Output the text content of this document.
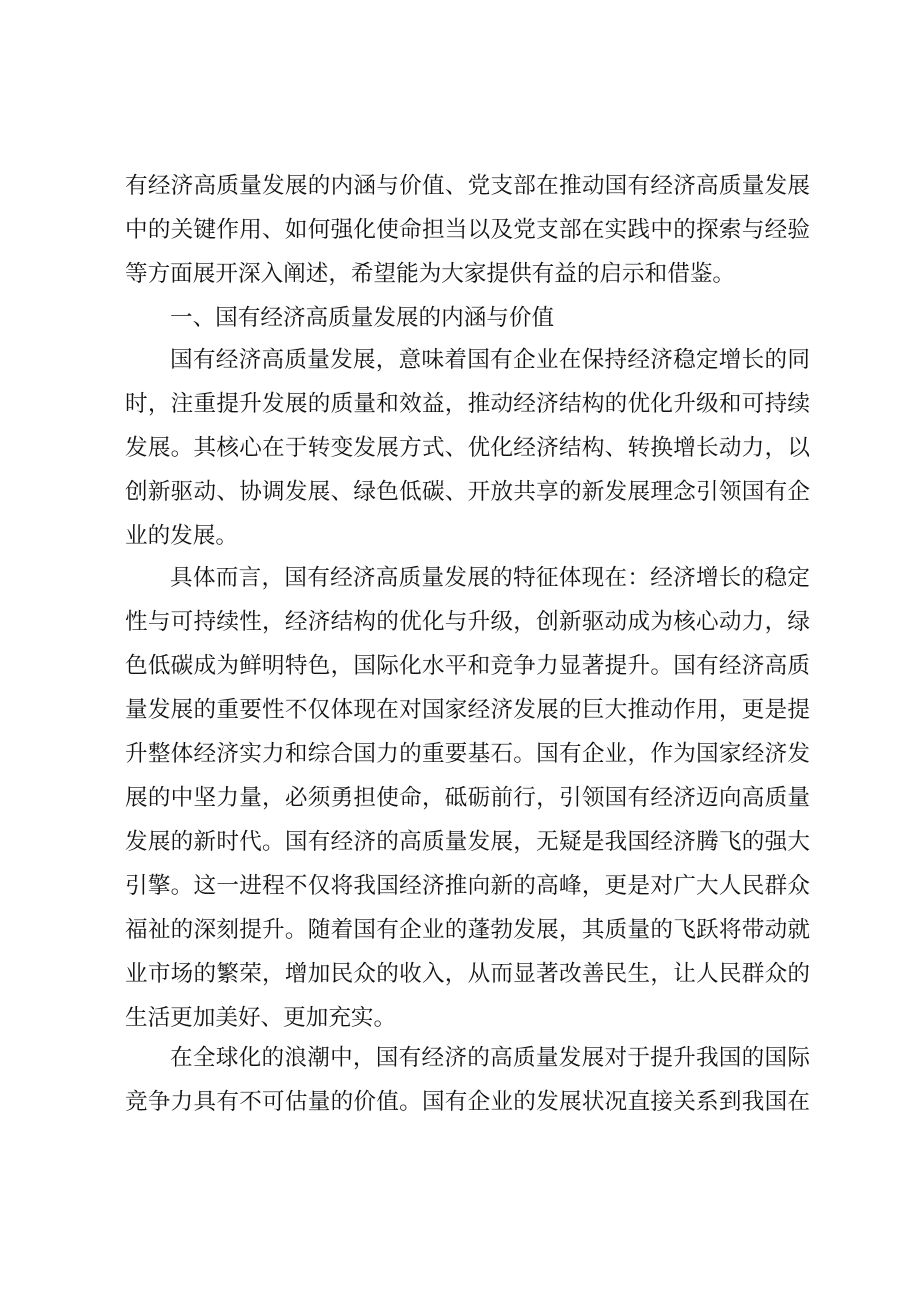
有经济高质量发展的内涵与价值、党支部在推动国有经济高质量发展
中的关键作用、如何强化使命担当以及党支部在实践中的探索与经验
等方面展开深入阐述，希望能为大家提供有益的启示和借鉴。
一、国有经济高质量发展的内涵与价值
国有经济高质量发展，意味着国有企业在保持经济稳定增长的同
时，注重提升发展的质量和效益，推动经济结构的优化升级和可持续
发展。其核心在于转变发展方式、优化经济结构、转换增长动力，以
创新驱动、协调发展、绿色低碳、开放共享的新发展理念引领国有企
业的发展。
具体而言，国有经济高质量发展的特征体现在：经济增长的稳定
性与可持续性，经济结构的优化与升级，创新驱动成为核心动力，绿
色低碳成为鲜明特色，国际化水平和竞争力显著提升。国有经济高质
量发展的重要性不仅体现在对国家经济发展的巨大推动作用，更是提
升整体经济实力和综合国力的重要基石。国有企业，作为国家经济发
展的中坚力量，必须勇担使命，砥砺前行，引领国有经济迈向高质量
发展的新时代。国有经济的高质量发展，无疑是我国经济腾飞的强大
引擎。这一进程不仅将我国经济推向新的高峰，更是对广大人民群众
福祉的深刻提升。随着国有企业的蓬勃发展，其质量的飞跃将带动就
业市场的繁荣，增加民众的收入，从而显著改善民生，让人民群众的
生活更加美好、更加充实。
在全球化的浪潮中，国有经济的高质量发展对于提升我国的国际
竞争力具有不可估量的价值。国有企业的发展状况直接关系到我国在
